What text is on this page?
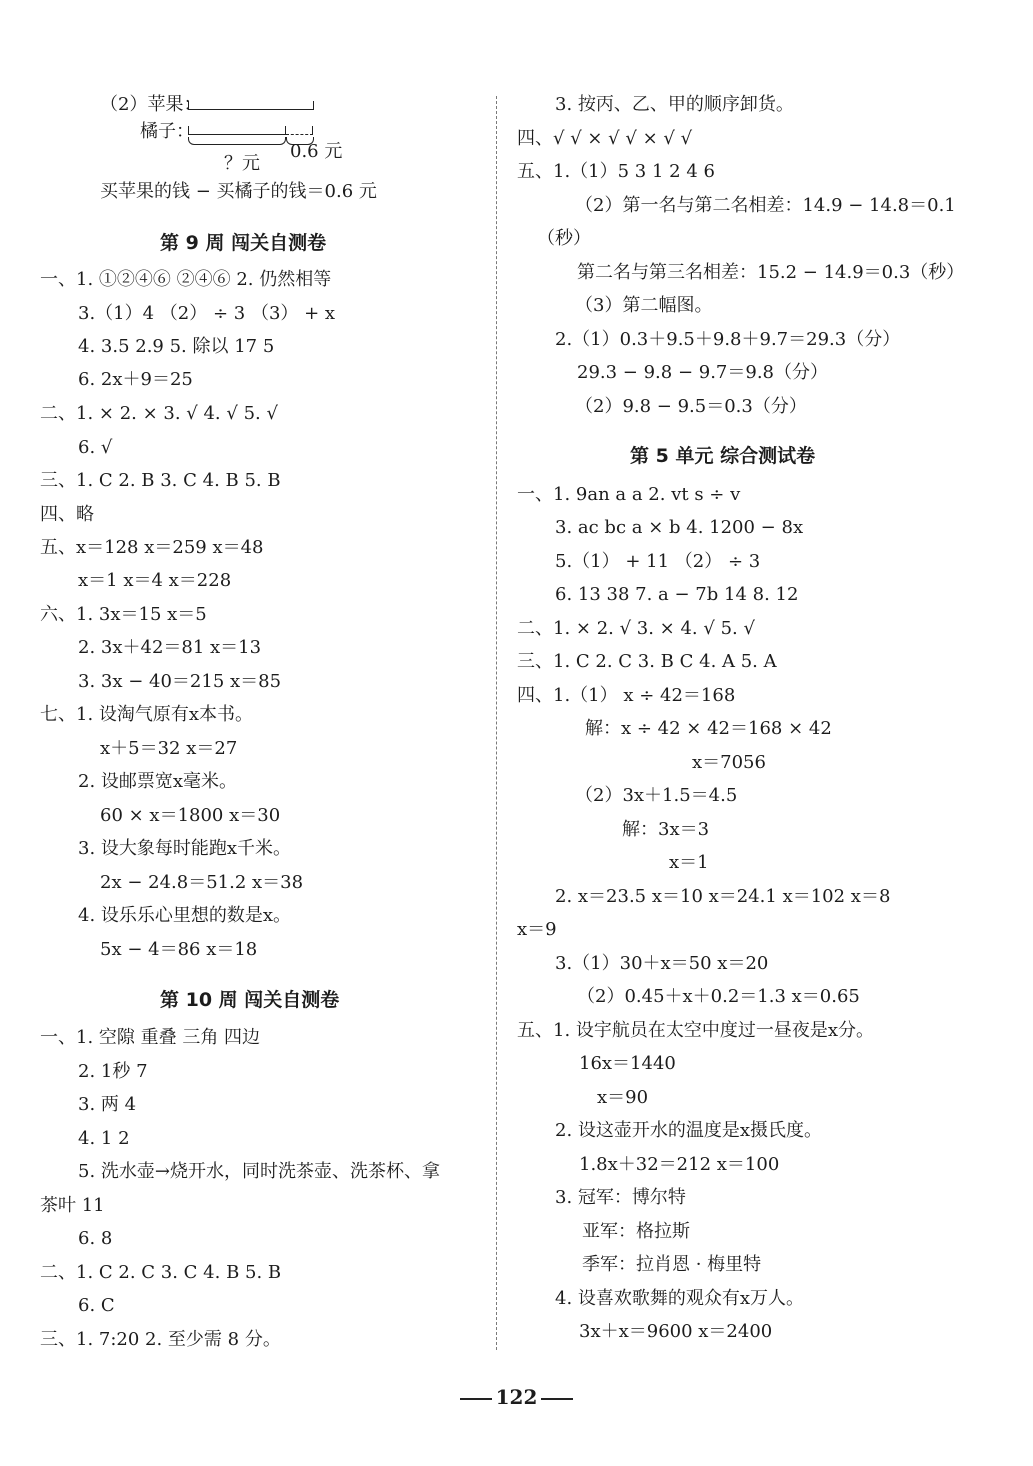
（2）苹果：
橘子：
？元
0.6 元
买苹果的钱 − 买橘子的钱＝0.6 元
第 9 周 闯关自测卷
一、1. ①②④⑥ ②④⑥ 2. 仍然相等
3.（1）4 （2） ÷ 3 （3） + x
4. 3.5 2.9 5. 除以 17 5
6. 2x＋9＝25
二、1. × 2. × 3. √ 4. √ 5. √
6. √
三、1. C 2. B 3. C 4. B 5. B
四、略
五、x＝128 x＝259 x＝48
x＝1 x＝4 x＝228
六、1. 3x＝15 x＝5
2. 3x＋42＝81 x＝13
3. 3x − 40＝215 x＝85
七、1. 设淘气原有x本书。
x＋5＝32 x＝27
2. 设邮票宽x毫米。
60 × x＝1800 x＝30
3. 设大象每时能跑x千米。
2x − 24.8＝51.2 x＝38
4. 设乐乐心里想的数是x。
5x − 4＝86 x＝18
第 10 周 闯关自测卷
一、1. 空隙 重叠 三角 四边
2. 1秒 7
3. 两 4
4. 1 2
5. 洗水壶→烧开水，同时洗茶壶、洗茶杯、拿
茶叶 11
6. 8
二、1. C 2. C 3. C 4. B 5. B
6. C
三、1. 7:20 2. 至少需 8 分。
3. 按丙、乙、甲的顺序卸货。
四、√ √ × √ √ × √ √
五、1.（1）5 3 1 2 4 6
（2）第一名与第二名相差：14.9 − 14.8＝0.1
（秒）
第二名与第三名相差：15.2 − 14.9＝0.3（秒）
（3）第二幅图。
2.（1）0.3＋9.5＋9.8＋9.7＝29.3（分）
29.3 − 9.8 − 9.7＝9.8（分）
（2）9.8 − 9.5＝0.3（分）
第 5 单元 综合测试卷
一、1. 9an a a 2. vt s ÷ v
3. ac bc a × b 4. 1200 − 8x
5.（1） + 11 （2） ÷ 3
6. 13 38 7. a − 7b 14 8. 12
二、1. × 2. √ 3. × 4. √ 5. √
三、1. C 2. C 3. B C 4. A 5. A
四、1.（1） x ÷ 42＝168
解：x ÷ 42 × 42＝168 × 42
x＝7056
（2）3x＋1.5＝4.5
解：3x＝3
x＝1
2. x＝23.5 x＝10 x＝24.1 x＝102 x＝8
x＝9
3.（1）30＋x＝50 x＝20
（2）0.45＋x＋0.2＝1.3 x＝0.65
五、1. 设宇航员在太空中度过一昼夜是x分。
16x＝1440
x＝90
2. 设这壶开水的温度是x摄氏度。
1.8x＋32＝212 x＝100
3. 冠军：博尔特
亚军：格拉斯
季军：拉肖恩 · 梅里特
4. 设喜欢歌舞的观众有x万人。
3x＋x＝9600 x＝2400
122
